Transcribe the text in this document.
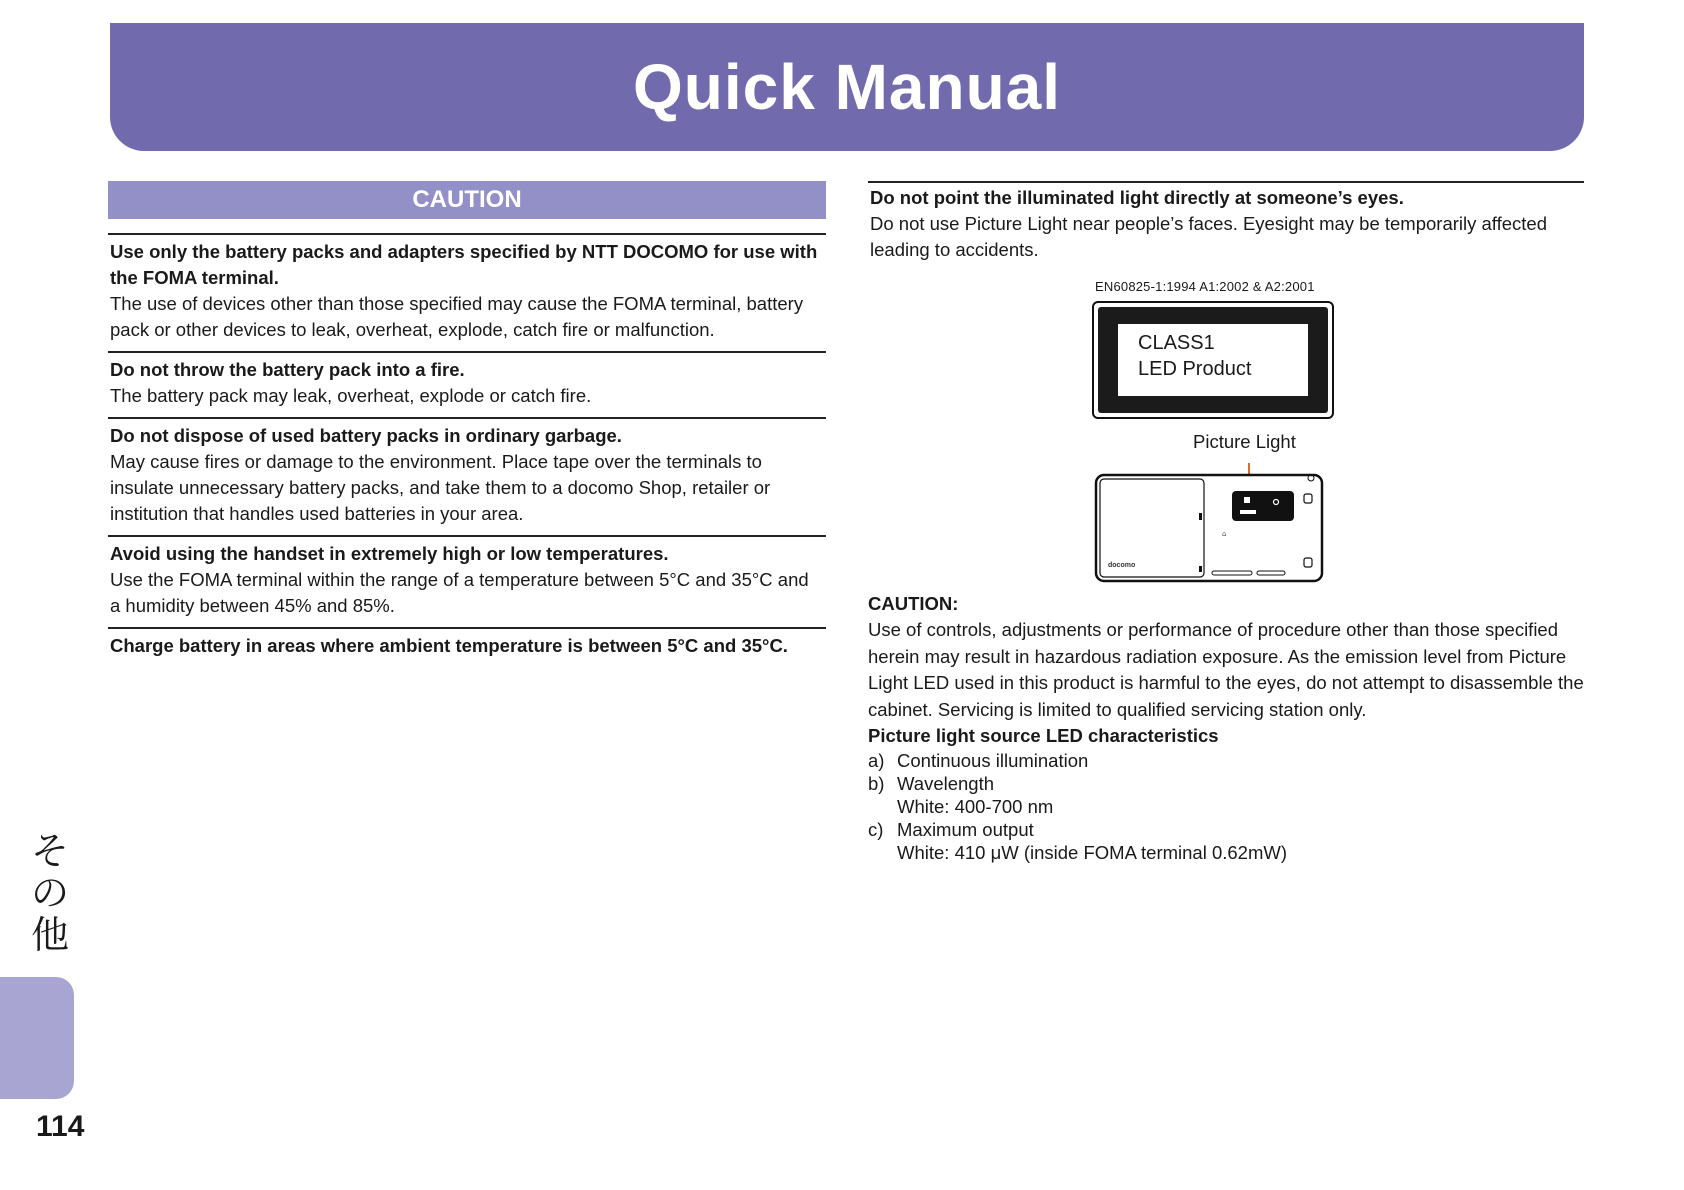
Quick Manual
CAUTION
Use only the battery packs and adapters specified by NTT DOCOMO for use with the FOMA terminal.

The use of devices other than those specified may cause the FOMA terminal, battery pack or other devices to leak, overheat, explode, catch fire or malfunction.

Do not throw the battery pack into a fire.

The battery pack may leak, overheat, explode or catch fire.

Do not dispose of used battery packs in ordinary garbage.

May cause fires or damage to the environment. Place tape over the terminals to insulate unnecessary battery packs, and take them to a docomo Shop, retailer or institution that handles used batteries in your area.

Avoid using the handset in extremely high or low temperatures.

Use the FOMA terminal within the range of a temperature between 5°C and 35°C and a humidity between 45% and 85%.

Charge battery in areas where ambient temperature is between 5°C and 35°C.
Do not point the illuminated light directly at someone’s eyes.

Do not use Picture Light near people’s faces. Eyesight may be temporarily affected leading to accidents.

EN60825-1:1994 A1:2002 & A2:2001
CLASS1
LED Product
Picture Light
⌂
docomo
CAUTION:

Use of controls, adjustments or performance of procedure other than those specified herein may result in hazardous radiation exposure. As the emission level from Picture Light LED used in this product is harmful to the eyes, do not attempt to disassemble the cabinet. Servicing is limited to qualified servicing station only.

Picture light source LED characteristics
a) Continuous illumination
b) Wavelength
White: 400-700 nm
c) Maximum output
White: 410 μW (inside FOMA terminal 0.62mW)
そ
の
他
114
